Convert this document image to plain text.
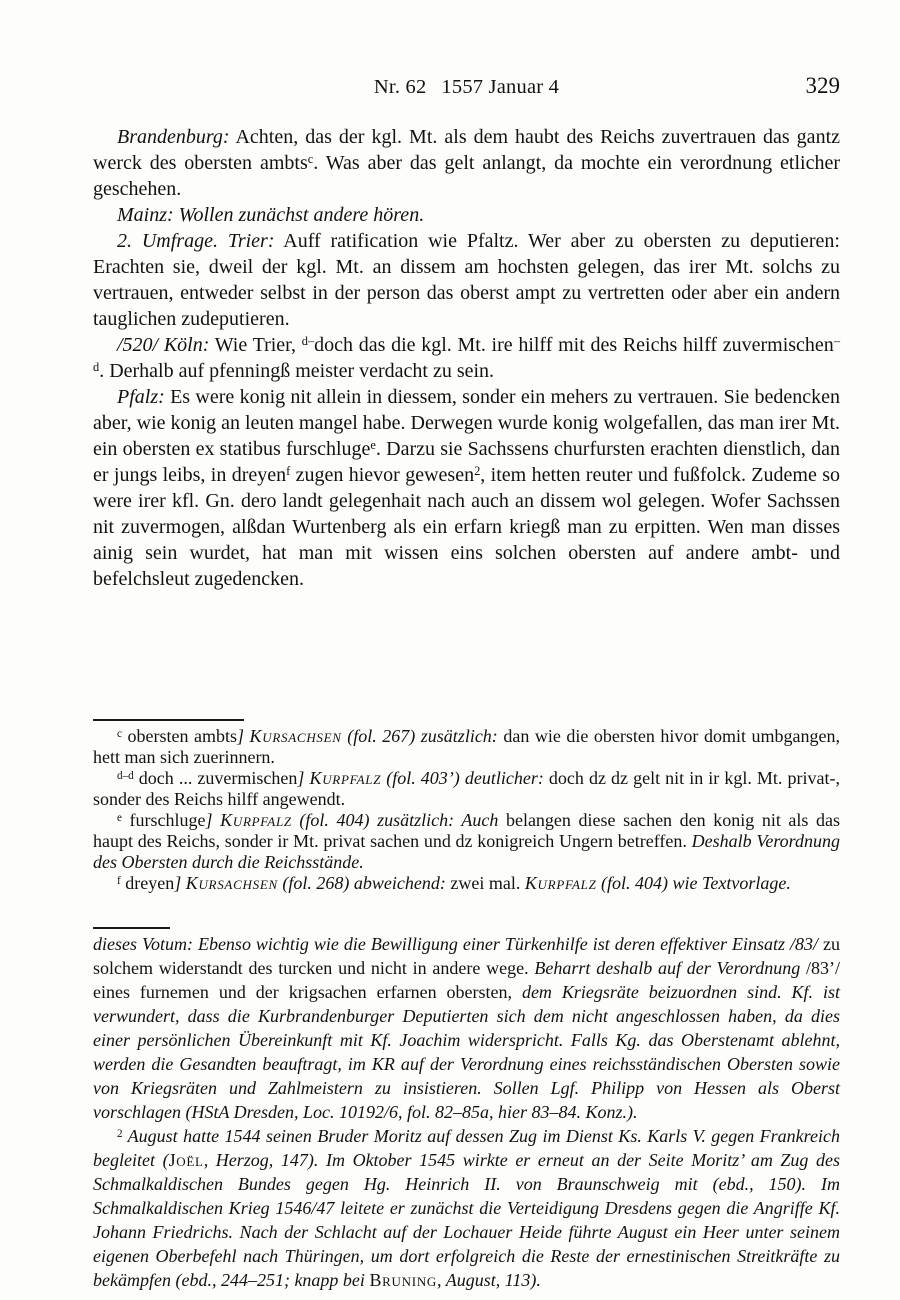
Nr. 62 1557 Januar 4	329

Brandenburg: Achten, das der kgl. Mt. als dem haubt des Reichs zuvertrauen das gantz werck des obersten ambts$^c$. Was aber das gelt anlangt, da mochte ein verordnung etlicher geschehen.

Mainz: Wollen zunächst andere hören.

2. Umfrage. Trier: Auff ratification wie Pfaltz. Wer aber zu obersten zu deputieren: Erachten sie, dweil der kgl. Mt. an dissem am hochsten gelegen, das irer Mt. solchs zu vertrauen, entweder selbst in der person das oberst ampt zu vertretten oder aber ein andern tauglichen zudeputieren.

/520/ Köln: Wie Trier, $^{d-}$doch das die kgl. Mt. ire hilff mit des Reichs hilff zuvermischen$^{-d}$. Derhalb auf pfenningß meister verdacht zu sein.

Pfalz: Es were konig nit allein in diessem, sonder ein mehers zu vertrauen. Sie bedencken aber, wie konig an leuten mangel habe. Derwegen wurde konig wolgefallen, das man irer Mt. ein obersten ex statibus furschluge$^e$. Darzu sie Sachssens churfursten erachten dienstlich, dan er jungs leibs, in dreyen$^f$ zugen hievor gewesen$^2$, item hetten reuter und fußfolck. Zudeme so were irer kfl. Gn. dero landt gelegenhait nach auch an dissem wol gelegen. Wofer Sachssen nit zuvermogen, alßdan Wurtenberg als ein erfarn kriegß man zu erpitten. Wen man disses ainig sein wurdet, hat man mit wissen eins solchen obersten auf andere ambt- und befelchsleut zugedencken.

$^c$ obersten ambts] Kursachsen (fol. 267) zusätzlich: dan wie die obersten hivor domit umbgangen, hett man sich zuerinnern.

$^{d-d}$ doch ... zuvermischen] Kurpfalz (fol. 403’) deutlicher: doch dz dz gelt nit in ir kgl. Mt. privat-, sonder des Reichs hilff angewendt.

$^e$ furschluge] Kurpfalz (fol. 404) zusätzlich: Auch belangen diese sachen den konig nit als das haupt des Reichs, sonder ir Mt. privat sachen und dz konigreich Ungern betreffen. Deshalb Verordnung des Obersten durch die Reichsstände.

$^f$ dreyen] Kursachsen (fol. 268) abweichend: zwei mal. Kurpfalz (fol. 404) wie Textvorlage.

dieses Votum: Ebenso wichtig wie die Bewilligung einer Türkenhilfe ist deren effektiver Einsatz /83/ zu solchem widerstandt des turcken und nicht in andere wege. Beharrt deshalb auf der Verordnung /83’/ eines furnemen und der krigsachen erfarnen obersten, dem Kriegsräte beizuordnen sind. Kf. ist verwundert, dass die Kurbrandenburger Deputierten sich dem nicht angeschlossen haben, da dies einer persönlichen Übereinkunft mit Kf. Joachim widerspricht. Falls Kg. das Oberstenamt ablehnt, werden die Gesandten beauftragt, im KR auf der Verordnung eines reichsständischen Obersten sowie von Kriegsräten und Zahlmeistern zu insistieren. Sollen Lgf. Philipp von Hessen als Oberst vorschlagen (HStA Dresden, Loc. 10192/6, fol. 82–85a, hier 83–84. Konz.).

$^2$ August hatte 1544 seinen Bruder Moritz auf dessen Zug im Dienst Ks. Karls V. gegen Frankreich begleitet (Joël, Herzog, 147). Im Oktober 1545 wirkte er erneut an der Seite Moritz’ am Zug des Schmalkaldischen Bundes gegen Hg. Heinrich II. von Braunschweig mit (ebd., 150). Im Schmalkaldischen Krieg 1546/47 leitete er zunächst die Verteidigung Dresdens gegen die Angriffe Kf. Johann Friedrichs. Nach der Schlacht auf der Lochauer Heide führte August ein Heer unter seinem eigenen Oberbefehl nach Thüringen, um dort erfolgreich die Reste der ernestinischen Streitkräfte zu bekämpfen (ebd., 244–251; knapp bei Bruning, August, 113).
